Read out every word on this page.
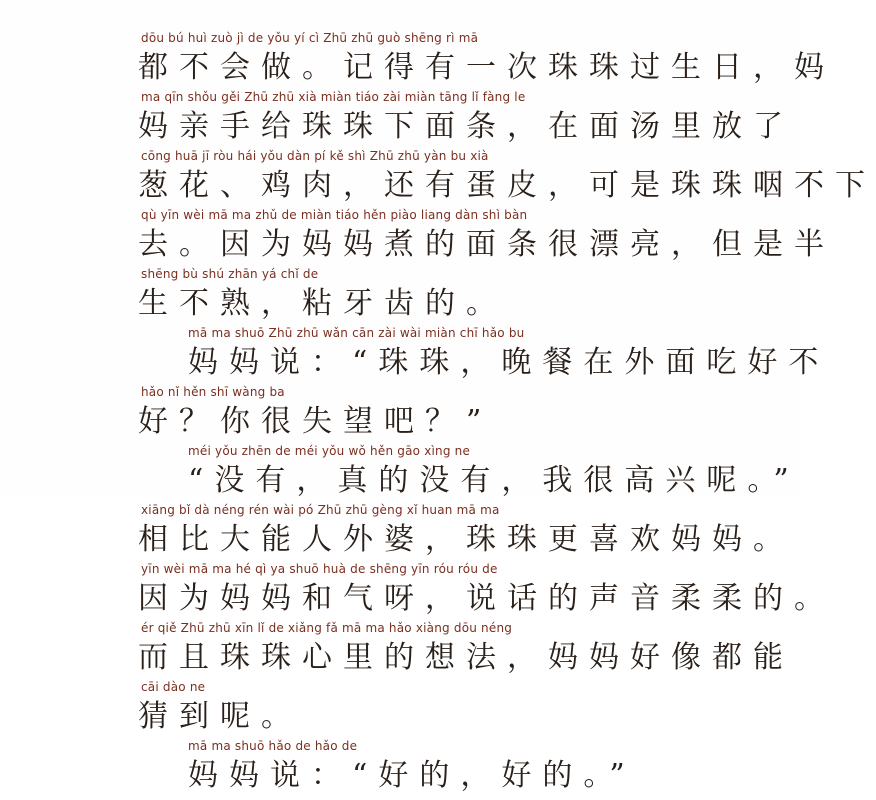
dōu bú huì zuò jì de yǒu yí cì Zhū zhū guò shēng rì mā
都不会做。记得有一次珠珠过生日，妈
ma qīn shǒu gěi Zhū zhū xià miàn tiáo zài miàn tāng lǐ fàng le
妈亲手给珠珠下面条，在面汤里放了
cōng huā jī ròu hái yǒu dàn pí kě shì Zhū zhū yàn bu xià
葱花、鸡肉，还有蛋皮，可是珠珠咽不下
qù yīn wèi mā ma zhǔ de miàn tiáo hěn piào liang dàn shì bàn
去。因为妈妈煮的面条很漂亮，但是半
shēng bù shú zhān yá chǐ de
生不熟，粘牙齿的。
mā ma shuō Zhū zhū wǎn cān zài wài miàn chī hǎo bu
妈妈说：“珠珠，晚餐在外面吃好不
hǎo nǐ hěn shī wàng ba
好？你很失望吧？”
méi yǒu zhēn de méi yǒu wǒ hěn gāo xìng ne
“没有，真的没有，我很高兴呢。”
xiāng bǐ dà néng rén wài pó Zhū zhū gèng xǐ huan mā ma
相比大能人外婆，珠珠更喜欢妈妈。
yīn wèi mā ma hé qì ya shuō huà de shēng yīn róu róu de
因为妈妈和气呀，说话的声音柔柔的。
ér qiě Zhū zhū xīn lǐ de xiǎng fǎ mā ma hǎo xiàng dōu néng
而且珠珠心里的想法，妈妈好像都能
cāi dào ne
猜到呢。
mā ma shuō hǎo de hǎo de
妈妈说：“好的，好的。”
